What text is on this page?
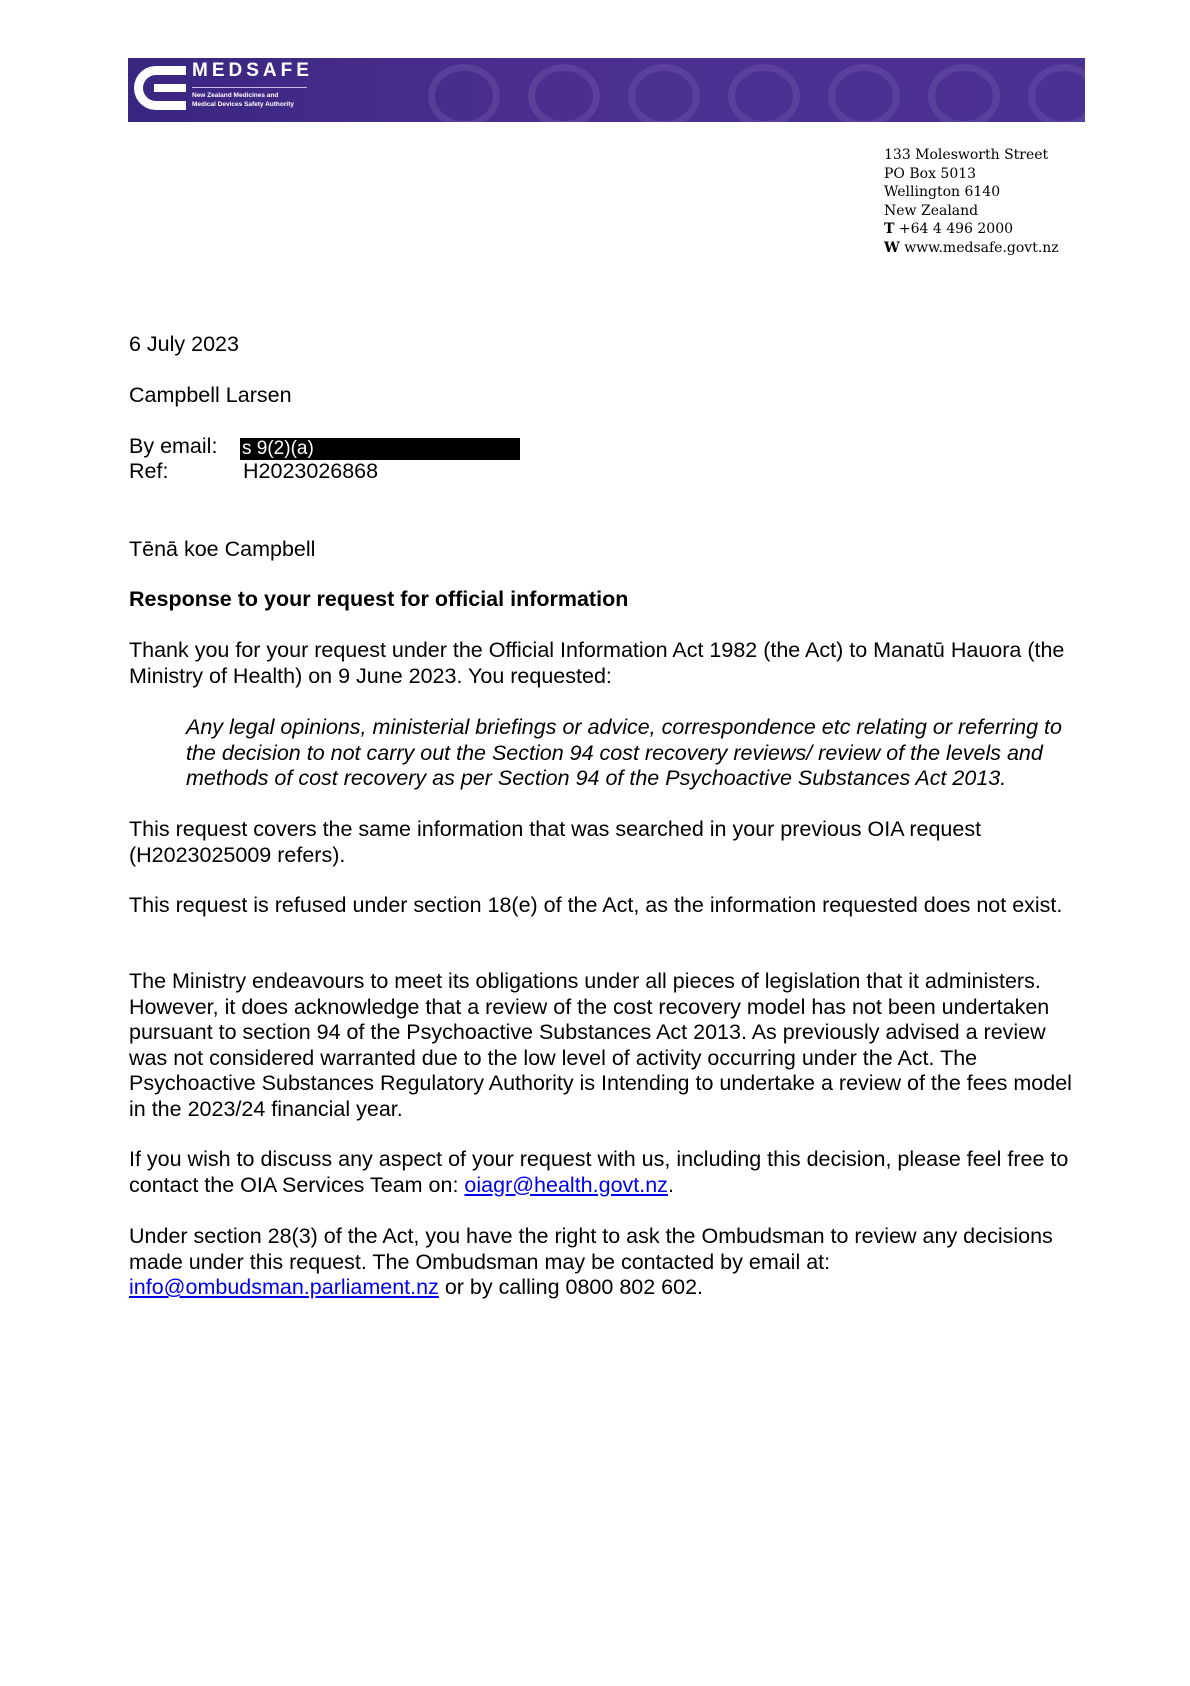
MEDSAFE
New Zealand Medicines and
Medical Devices Safety Authority
133 Molesworth Street
PO Box 5013
Wellington 6140
New Zealand
T +64 4 496 2000
W www.medsafe.govt.nz
6 July 2023
Campbell Larsen
By email:	s 9(2)(a)
Ref:	H2023026868
Tēnā koe Campbell
Response to your request for official information
Thank you for your request under the Official Information Act 1982 (the Act) to Manatū Hauora (the Ministry of Health) on 9 June 2023. You requested:
Any legal opinions, ministerial briefings or advice, correspondence etc relating or referring to the decision to not carry out the Section 94 cost recovery reviews/ review of the levels and methods of cost recovery as per Section 94 of the Psychoactive Substances Act 2013.
This request covers the same information that was searched in your previous OIA request (H2023025009 refers).
This request is refused under section 18(e) of the Act, as the information requested does not exist.
The Ministry endeavours to meet its obligations under all pieces of legislation that it administers. However, it does acknowledge that a review of the cost recovery model has not been undertaken pursuant to section 94 of the Psychoactive Substances Act 2013. As previously advised a review was not considered warranted due to the low level of activity occurring under the Act. The Psychoactive Substances Regulatory Authority is Intending to undertake a review of the fees model in the 2023/24 financial year.
If you wish to discuss any aspect of your request with us, including this decision, please feel free to contact the OIA Services Team on: oiagr@health.govt.nz.
Under section 28(3) of the Act, you have the right to ask the Ombudsman to review any decisions made under this request. The Ombudsman may be contacted by email at: info@ombudsman.parliament.nz or by calling 0800 802 602.
